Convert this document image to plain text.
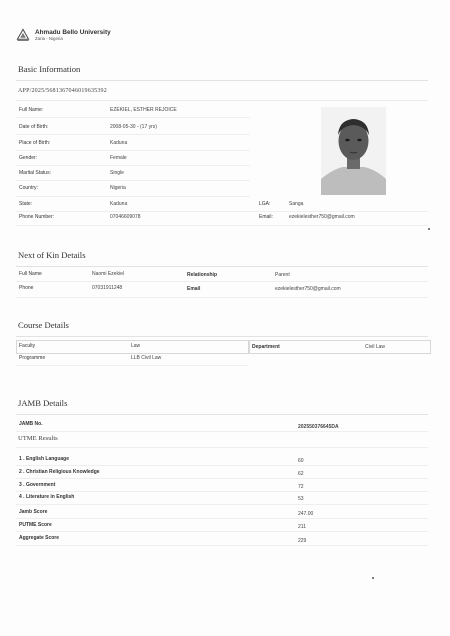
Ahmadu Bello University
Zaria - Nigeria
Basic Information
APP/2025/5681367046019635392
Full Name:	EZEKIEL, ESTHER REJOICE
Date of Birth:	2008-05-30 - (17 yrs)
Place of Birth:	Kaduna
Gender:	Female
Marital Status:	Single
Country:	Nigeria
State:	Kaduna	LGA:	Sanga
Phone Number:	07046609078	Email:	ezekielesther750@gmail.com
Next of Kin Details
Full Name	Naomi Ezekiel	Relationship	Parent
Phone	07031911248	Email	ezekielesther750@gmail.com
Course Details
Faculty	Law	Department	Civil Law
Programme	LLB Civil Law
JAMB Details
JAMB No.	202550376645DA
UTME Results
1 . English Language	60
2 . Christian Religious Knowledge	62
3 . Government	72
4 . Literature in English	53
Jamb Score	247.00
PUTME Score	211
Aggregate Score	229
